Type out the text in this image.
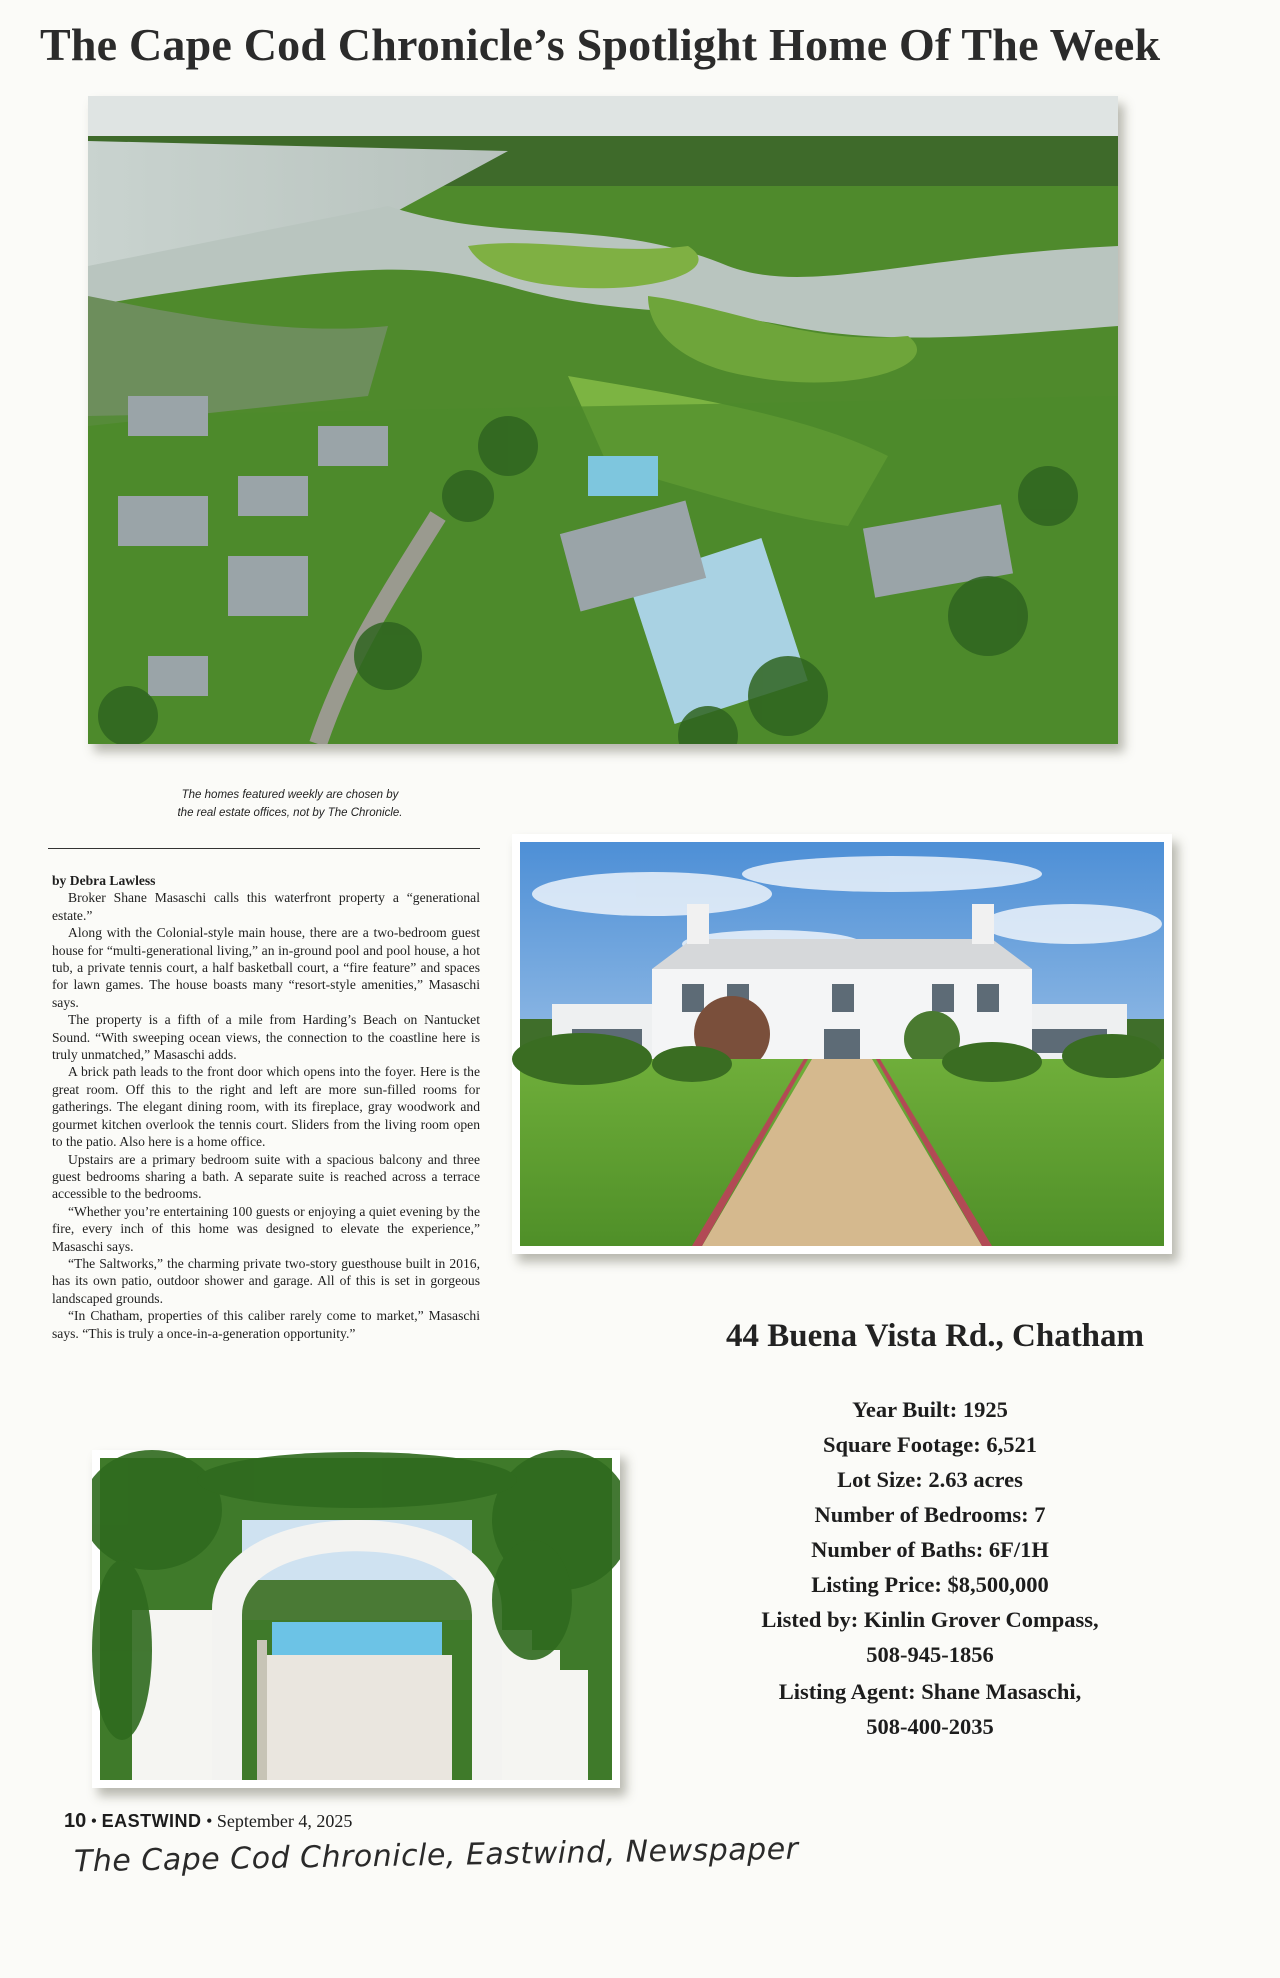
The Cape Cod Chronicle’s Spotlight Home Of The Week
The homes featured weekly are chosen by
the real estate offices, not by The Chronicle.

by Debra Lawless

Broker Shane Masaschi calls this waterfront property a “generational estate.”

Along with the Colonial-style main house, there are a two-bedroom guest house for “multi-generational living,” an in-ground pool and pool house, a hot tub, a private tennis court, a half basketball court, a “fire feature” and spaces for lawn games. The house boasts many “resort-style amenities,” Masaschi says.

The property is a fifth of a mile from Harding’s Beach on Nantucket Sound. “With sweeping ocean views, the connection to the coastline here is truly unmatched,” Masaschi adds.

A brick path leads to the front door which opens into the foyer. Here is the great room. Off this to the right and left are more sun-filled rooms for gatherings. The elegant dining room, with its fireplace, gray woodwork and gourmet kitchen overlook the tennis court. Sliders from the living room open to the patio. Also here is a home office.

Upstairs are a primary bedroom suite with a spacious balcony and three guest bedrooms sharing a bath. A separate suite is reached across a terrace accessible to the bedrooms.

“Whether you’re entertaining 100 guests or enjoying a quiet evening by the fire, every inch of this home was designed to elevate the experience,” Masaschi says.

“The Saltworks,” the charming private two-story guesthouse built in 2016, has its own patio, outdoor shower and garage. All of this is set in gorgeous landscaped grounds.

“In Chatham, properties of this caliber rarely come to market,” Masaschi says. “This is truly a once-in-a-generation opportunity.”	44 Buena Vista Rd., Chatham
Year Built: 1925
Square Footage: 6,521
Lot Size: 2.63 acres
Number of Bedrooms: 7
Number of Baths: 6F/1H
Listing Price: $8,500,000
Listed by: Kinlin Grover Compass,
508-945-1856
Listing Agent: Shane Masaschi,
508-400-2035
10 • EASTWIND • September 4, 2025
The Cape Cod Chronicle, Eastwind, Newspaper
